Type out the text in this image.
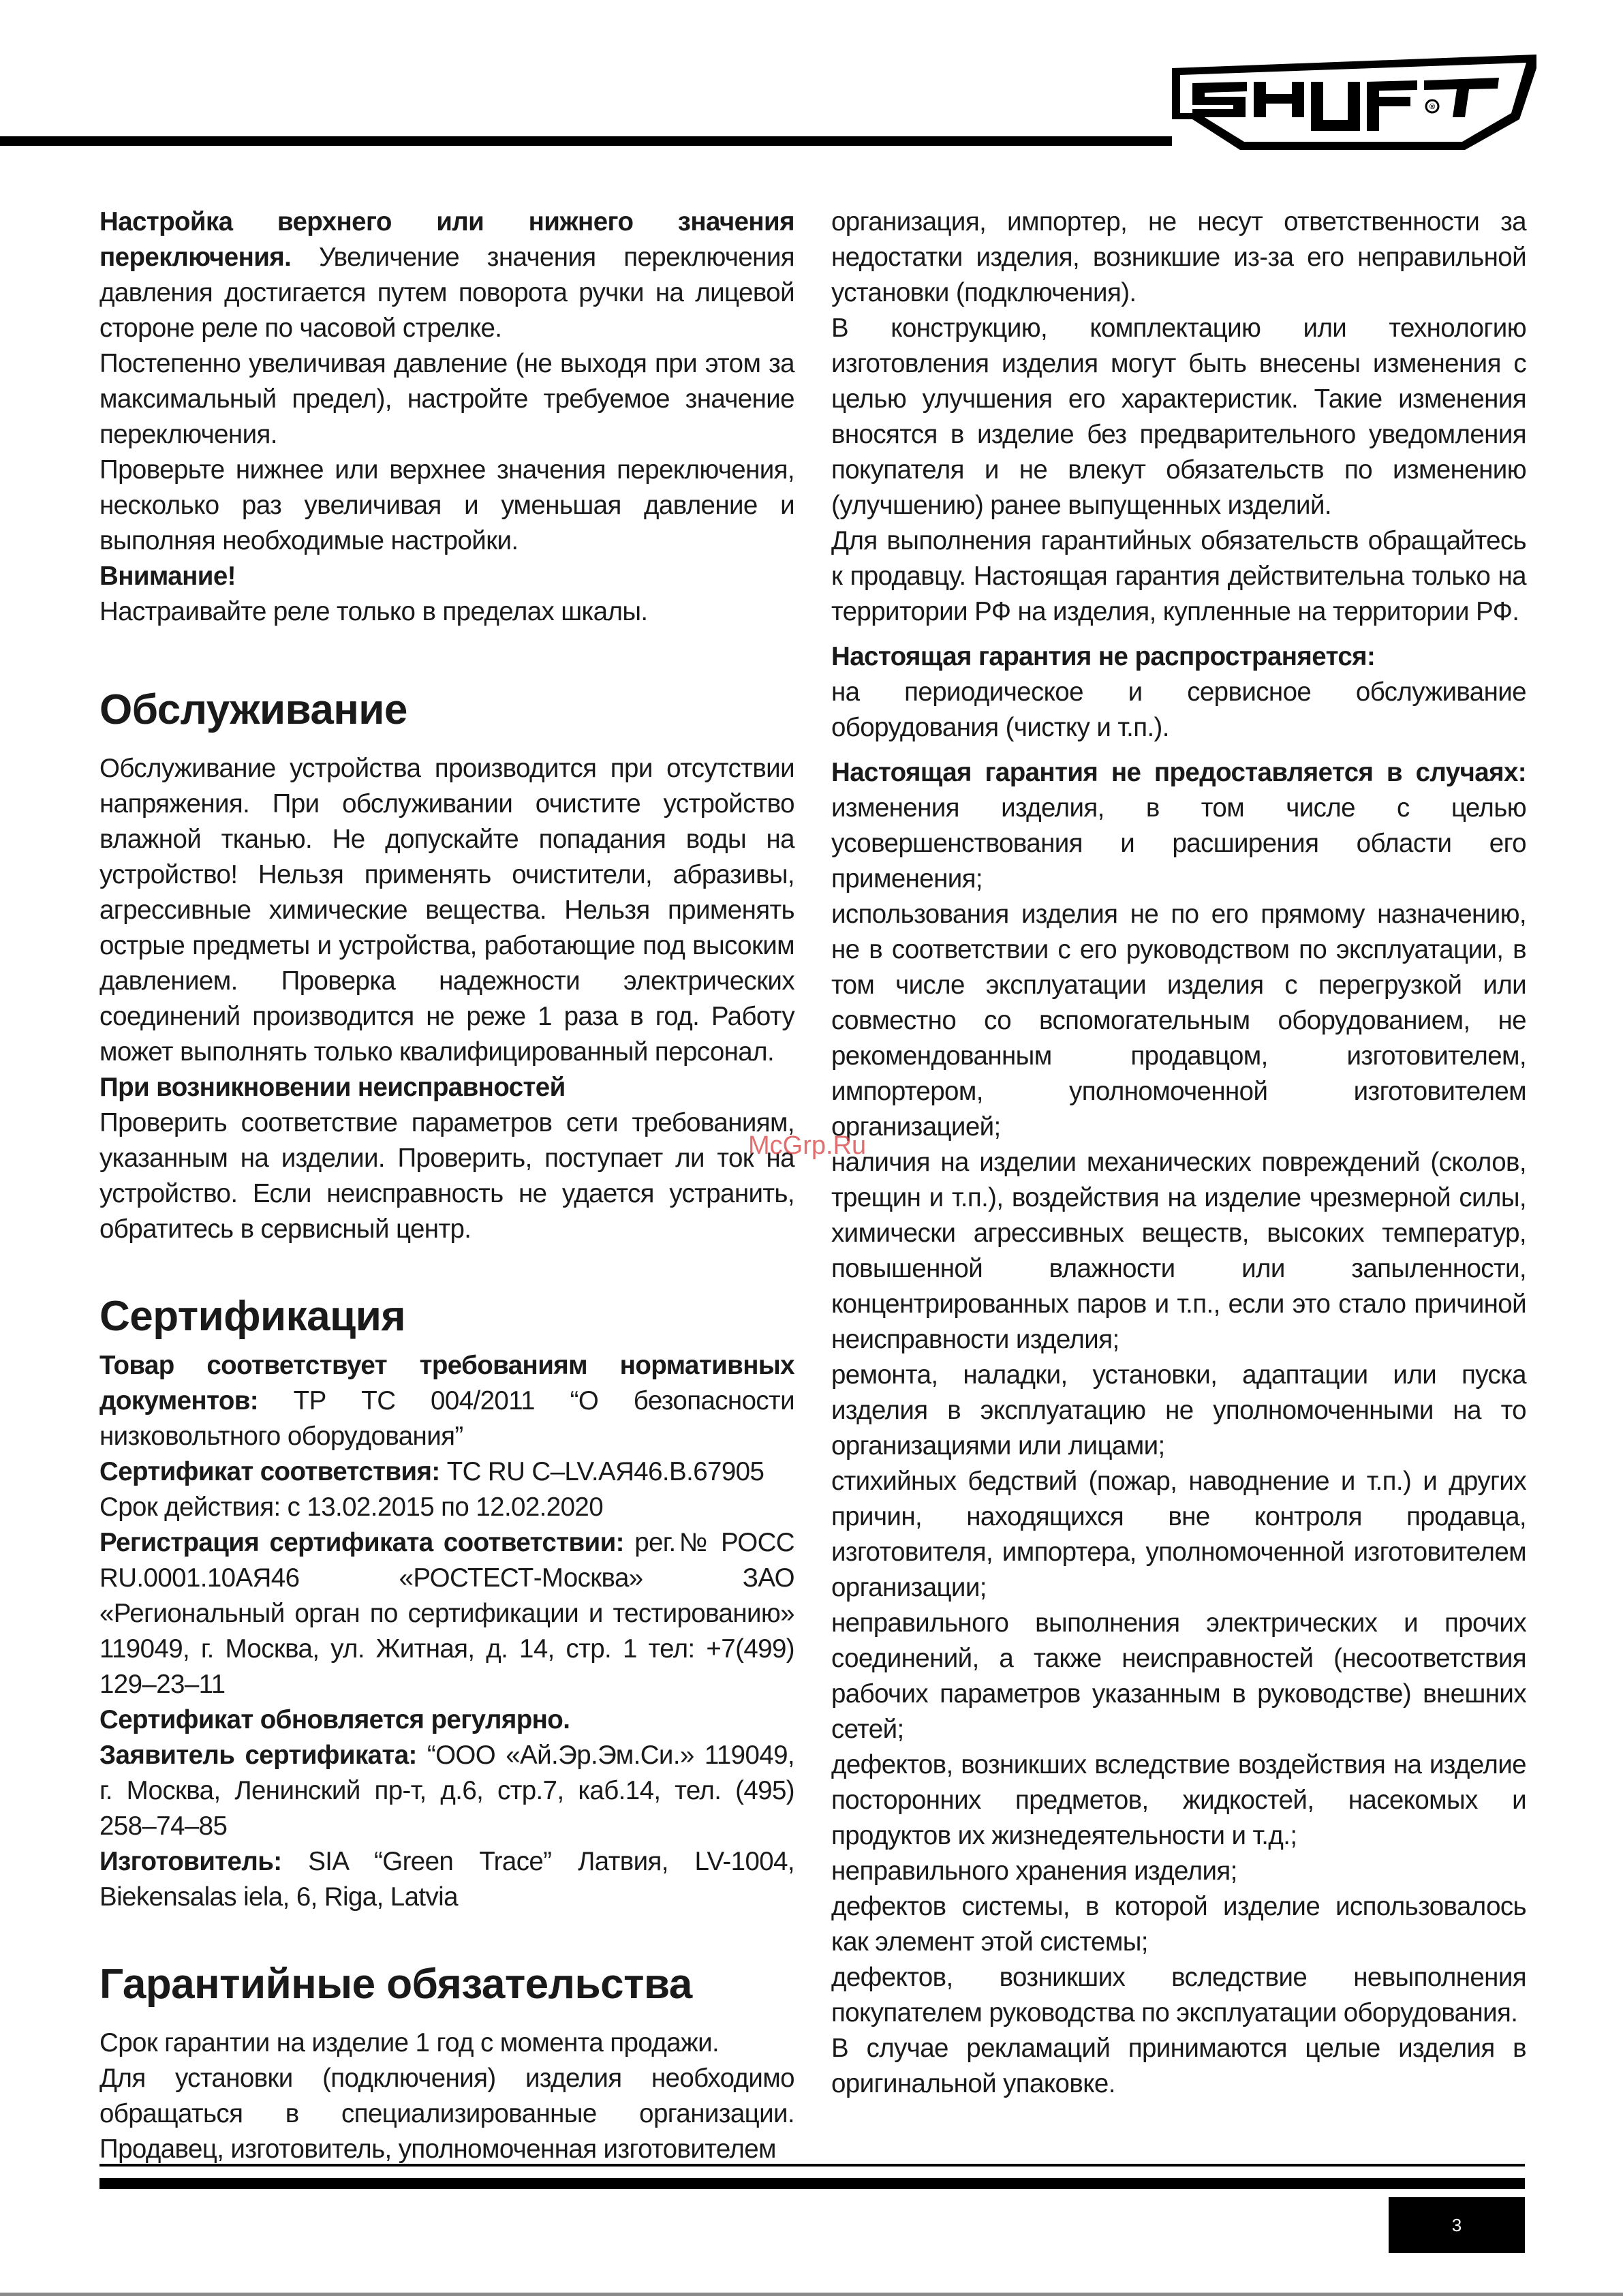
®

Настройка верхнего или нижнего значения переключения. Увеличение значения переключения давления достигается путем поворота ручки на лицевой стороне реле по часовой стрелке.

Постепенно увеличивая давление (не выходя при этом за максимальный предел), настройте требуемое значение переключения.

Проверьте нижнее или верхнее значения переключения, несколько раз увеличивая и уменьшая давление и выполняя необходимые настройки.

Внимание!

Настраивайте реле только в пределах шкалы.

Обслуживание

Обслуживание устройства производится при отсутствии напряжения. При обслуживании очистите устройство влажной тканью. Не допускайте попадания воды на устройство! Нельзя применять очистители, абразивы, агрессивные химические вещества. Нельзя применять острые предметы и устройства, работающие под высоким давлением. Проверка надежности электрических соединений производится не реже 1 раза в год. Работу может выполнять только квалифицированный персонал.

При возникновении неисправностей

Проверить соответствие параметров сети требованиям, указанным на изделии. Проверить, поступает ли ток на устройство. Если неисправность не удается устранить, обратитесь в сервисный центр.

Сертификация

Товар соответствует требованиям нормативных документов: ТР ТС 004/2011 “О безопасности низковольтного оборудования”

Сертификат соответствия: ТС RU C–LV.АЯ46.В.67905

Срок действия: с 13.02.2015 по 12.02.2020

Регистрация сертификата соответствии: рег.№ РОСС RU.0001.10АЯ46 «РОСТЕСТ-Москва» ЗАО «Региональный орган по сертификации и тестированию» 119049, г. Москва, ул. Житная, д. 14, стр. 1 тел: +7(499) 129–23–11

Сертификат обновляется регулярно.

Заявитель сертификата: “ООО «Ай.Эр.Эм.Си.» 119049, г. Москва, Ленинский пр-т, д.6, стр.7, каб.14, тел. (495) 258–74–85

Изготовитель: SIA “Green Trace” Латвия, LV-1004, Biekensalas iela, 6, Riga, Latvia

Гарантийные обязательства

Срок гарантии на изделие 1 год с момента продажи.

Для установки (подключения) изделия необходимо обращаться в специализированные организации. Продавец, изготовитель, уполномоченная изготовителем

организация, импортер, не несут ответственности за недостатки изделия, возникшие из-за его неправильной установки (подключения).

В конструкцию, комплектацию или технологию изготовления изделия могут быть внесены изменения с целью улучшения его характеристик. Такие изменения вносятся в изделие без предварительного уведомления покупателя и не влекут обязательств по изменению (улучшению) ранее выпущенных изделий.

Для выполнения гарантийных обязательств обращайтесь к продавцу. Настоящая гарантия действительна только на территории РФ на изделия, купленные на территории РФ.

Настоящая гарантия не распространяется:

на периодическое и сервисное обслуживание оборудования (чистку и т.п.).

Настоящая гарантия не предоставляется в случаях: изменения изделия, в том числе с целью усовершенствования и расширения области его применения;

использования изделия не по его прямому назначению, не в соответствии с его руководством по эксплуатации, в том числе эксплуатации изделия с перегрузкой или совместно со вспомогательным оборудованием, не рекомендованным продавцом, изготовителем, импортером, уполномоченной изготовителем организацией;

наличия на изделии механических повреждений (сколов, трещин и т.п.), воздействия на изделие чрезмерной силы, химически агрессивных веществ, высоких температур, повышенной влажности или запыленности, концентрированных паров и т.п., если это стало причиной неисправности изделия;

ремонта, наладки, установки, адаптации или пуска изделия в эксплуатацию не уполномоченными на то организациями или лицами;

стихийных бедствий (пожар, наводнение и т.п.) и других причин, находящихся вне контроля продавца, изготовителя, импортера, уполномоченной изготовителем организации;

неправильного выполнения электрических и прочих соединений, а также неисправностей (несоответствия рабочих параметров указанным в руководстве) внешних сетей;

дефектов, возникших вследствие воздействия на изделие посторонних предметов, жидкостей, насекомых и продуктов их жизнедеятельности и т.д.;

неправильного хранения изделия;

дефектов системы, в которой изделие использовалось как элемент этой системы;

дефектов, возникших вследствие невыполнения покупателем руководства по эксплуатации оборудования.

В случае рекламаций принимаются целые изделия в оригинальной упаковке.

McGrp.Ru
3
